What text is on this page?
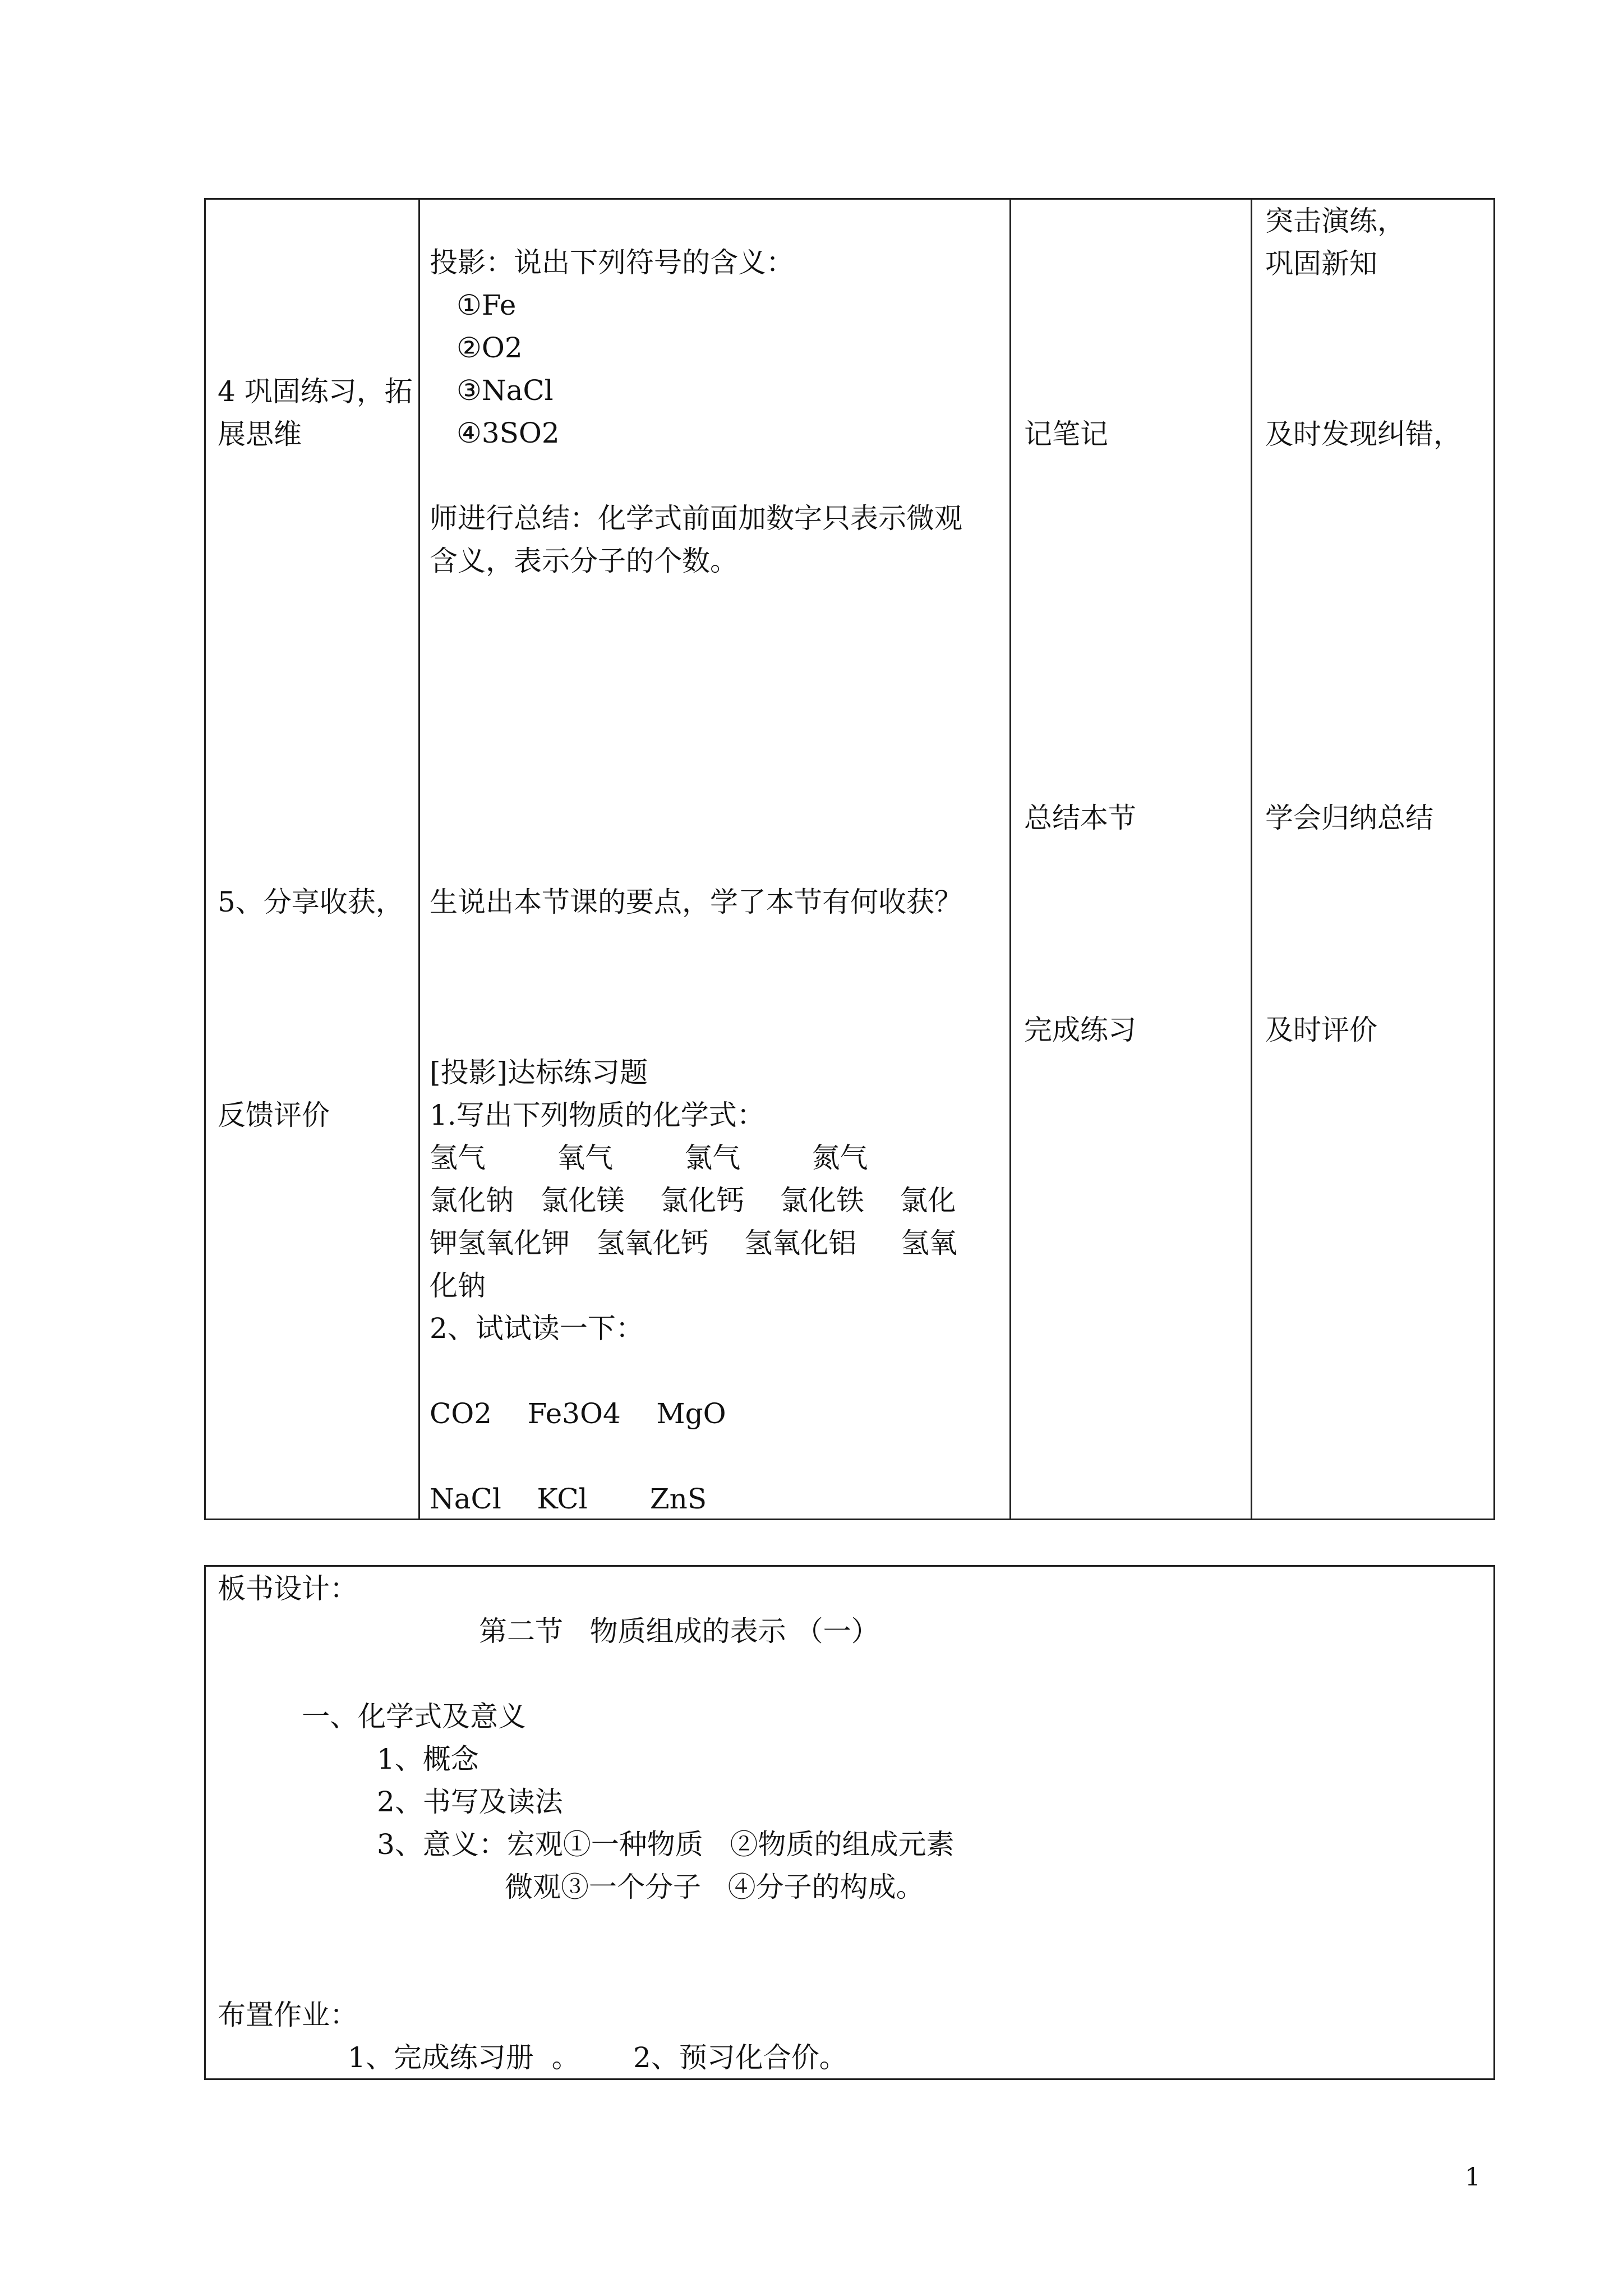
4 巩固练习，拓
展思维
5、分享收获，
反馈评价
投影：说出下列符号的含义：
①Fe
②O2
③NaCl
④3SO2
师进行总结：化学式前面加数字只表示微观
含义，表示分子的个数。
生说出本节课的要点，学了本节有何收获？
[投影]达标练习题
1.写出下列物质的化学式：
氢气        氧气        氯气        氮气
氯化钠   氯化镁    氯化钙    氯化铁    氯化
钾氢氧化钾   氢氧化钙    氢氧化铝     氢氧
化钠
2、试试读一下：
CO2    Fe3O4    MgO
NaCl    KCl       ZnS
记笔记
总结本节
完成练习
突击演练，
巩固新知
及时发现纠错，
学会归纳总结
及时评价
板书设计：
第二节   物质组成的表示 （一）
一、化学式及意义
1、概念
2、书写及读法
3、意义：宏观①一种物质   ②物质的组成元素
微观③一个分子   ④分子的构成。
布置作业：
1、完成练习册  。      2、预习化合价。
1
